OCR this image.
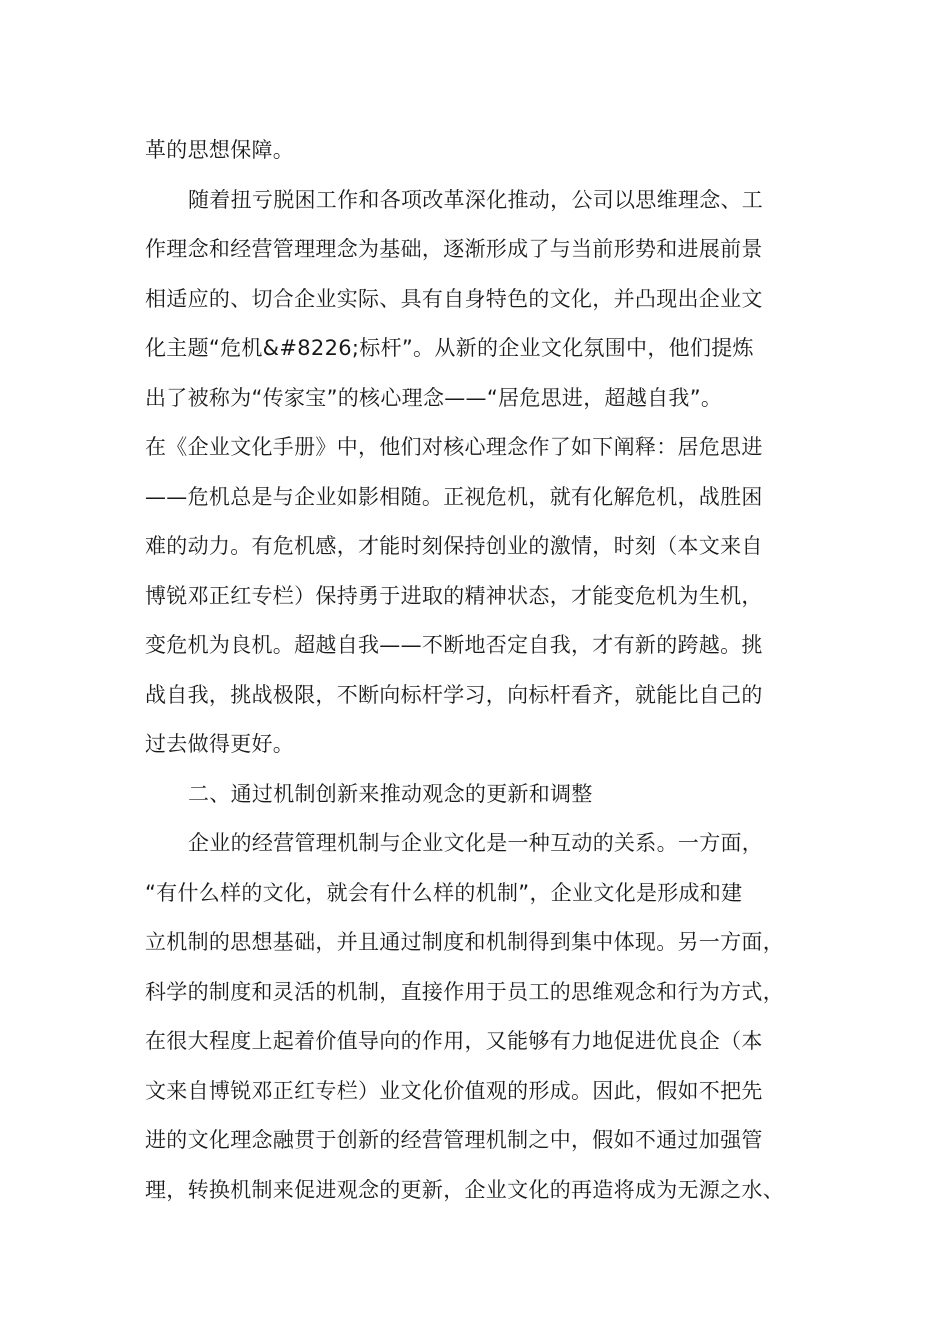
革的思想保障。
随着扭亏脱困工作和各项改革深化推动，公司以思维理念、工
作理念和经营管理理念为基础，逐渐形成了与当前形势和进展前景
相适应的、切合企业实际、具有自身特色的文化，并凸现出企业文
化主题“危机&#8226;标杆”。从新的企业文化氛围中，他们提炼
出了被称为“传家宝”的核心理念——“居危思进，超越自我”。
在《企业文化手册》中，他们对核心理念作了如下阐释：居危思进
——危机总是与企业如影相随。正视危机，就有化解危机，战胜困
难的动力。有危机感，才能时刻保持创业的激情，时刻（本文来自
博锐邓正红专栏）保持勇于进取的精神状态，才能变危机为生机，
变危机为良机。超越自我——不断地否定自我，才有新的跨越。挑
战自我，挑战极限，不断向标杆学习，向标杆看齐，就能比自己的
过去做得更好。
二、通过机制创新来推动观念的更新和调整
企业的经营管理机制与企业文化是一种互动的关系。一方面，
“有什么样的文化，就会有什么样的机制”，企业文化是形成和建
立机制的思想基础，并且通过制度和机制得到集中体现。另一方面，
科学的制度和灵活的机制，直接作用于员工的思维观念和行为方式，
在很大程度上起着价值导向的作用，又能够有力地促进优良企（本
文来自博锐邓正红专栏）业文化价值观的形成。因此，假如不把先
进的文化理念融贯于创新的经营管理机制之中，假如不通过加强管
理，转换机制来促进观念的更新，企业文化的再造将成为无源之水、
